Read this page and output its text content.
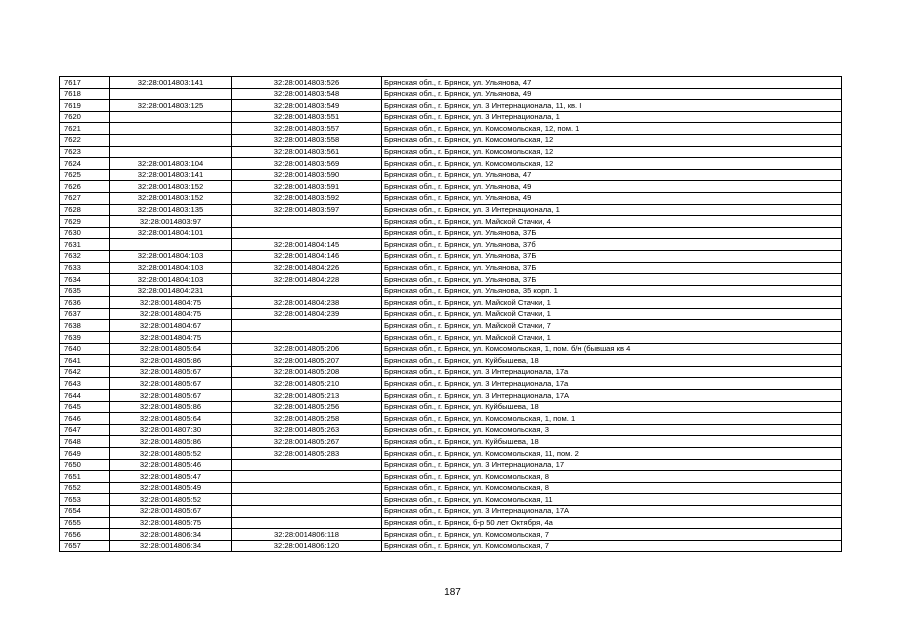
7617	32:28:0014803:141	32:28:0014803:526	Брянская обл., г. Брянск, ул. Ульянова, 47
7618		32:28:0014803:548	Брянская обл., г. Брянск, ул. Ульянова, 49
7619	32:28:0014803:125	32:28:0014803:549	Брянская обл., г. Брянск, ул. 3 Интернационала, 11, кв. I
7620		32:28:0014803:551	Брянская обл., г. Брянск, ул. 3 Интернационала, 1
7621		32:28:0014803:557	Брянская обл., г. Брянск, ул. Комсомольская, 12, пом. 1
7622		32:28:0014803:558	Брянская обл., г. Брянск, ул. Комсомольская, 12
7623		32:28:0014803:561	Брянская обл., г. Брянск, ул. Комсомольская, 12
7624	32:28:0014803:104	32:28:0014803:569	Брянская обл., г. Брянск, ул. Комсомольская, 12
7625	32:28:0014803:141	32:28:0014803:590	Брянская обл., г. Брянск, ул. Ульянова, 47
7626	32:28:0014803:152	32:28:0014803:591	Брянская обл., г. Брянск, ул. Ульянова, 49
7627	32:28:0014803:152	32:28:0014803:592	Брянская обл., г. Брянск, ул. Ульянова, 49
7628	32:28:0014803:135	32:28:0014803:597	Брянская обл., г. Брянск, ул. 3 Интернационала, 1
7629	32:28:0014803:97		Брянская обл., г. Брянск, ул. Майской Стачки, 4
7630	32:28:0014804:101		Брянская обл., г. Брянск, ул. Ульянова, 37Б
7631		32:28:0014804:145	Брянская обл., г. Брянск, ул. Ульянова, 37б
7632	32:28:0014804:103	32:28:0014804:146	Брянская обл., г. Брянск, ул. Ульянова, 37Б
7633	32:28:0014804:103	32:28:0014804:226	Брянская обл., г. Брянск, ул. Ульянова, 37Б
7634	32:28:0014804:103	32:28:0014804:228	Брянская обл., г. Брянск, ул. Ульянова, 37Б
7635	32:28:0014804:231		Брянская обл., г. Брянск, ул. Ульянова, 35 корп. 1
7636	32:28:0014804:75	32:28:0014804:238	Брянская обл., г. Брянск, ул. Майской Стачки, 1
7637	32:28:0014804:75	32:28:0014804:239	Брянская обл., г. Брянск, ул. Майской Стачки, 1
7638	32:28:0014804:67		Брянская обл., г. Брянск, ул. Майской Стачки, 7
7639	32:28:0014804:75		Брянская обл., г. Брянск, ул. Майской Стачки, 1
7640	32:28:0014805:64	32:28:0014805:206	Брянская обл., г. Брянск, ул. Комсомольская, 1, пом. б/н (бывшая кв 4
7641	32:28:0014805:86	32:28:0014805:207	Брянская обл., г. Брянск, ул. Куйбышева, 18
7642	32:28:0014805:67	32:28:0014805:208	Брянская обл., г. Брянск, ул. 3 Интернационала, 17а
7643	32:28:0014805:67	32:28:0014805:210	Брянская обл., г. Брянск, ул. 3 Интернационала, 17а
7644	32:28:0014805:67	32:28:0014805:213	Брянская обл., г. Брянск, ул. 3 Интернационала, 17А
7645	32:28:0014805:86	32:28:0014805:256	Брянская обл., г. Брянск, ул. Куйбышева, 18
7646	32:28:0014805:64	32:28:0014805:258	Брянская обл., г. Брянск, ул. Комсомольская, 1, пом. 1
7647	32:28:0014807:30	32:28:0014805:263	Брянская обл., г. Брянск, ул. Комсомольская, 3
7648	32:28:0014805:86	32:28:0014805:267	Брянская обл., г. Брянск, ул. Куйбышева, 18
7649	32:28:0014805:52	32:28:0014805:283	Брянская обл., г. Брянск, ул. Комсомольская, 11, пом. 2
7650	32:28:0014805:46		Брянская обл., г. Брянск, ул. 3 Интернационала, 17
7651	32:28:0014805:47		Брянская обл., г. Брянск, ул. Комсомольская, 8
7652	32:28:0014805:49		Брянская обл., г. Брянск, ул. Комсомольская, 8
7653	32:28:0014805:52		Брянская обл., г. Брянск, ул. Комсомольская, 11
7654	32:28:0014805:67		Брянская обл., г. Брянск, ул. 3 Интернационала, 17А
7655	32:28:0014805:75		Брянская обл., г. Брянск, б-р 50 лет Октября, 4а
7656	32:28:0014806:34	32:28:0014806:118	Брянская обл., г. Брянск, ул. Комсомольская, 7
7657	32:28:0014806:34	32:28:0014806:120	Брянская обл., г. Брянск, ул. Комсомольская, 7
187
